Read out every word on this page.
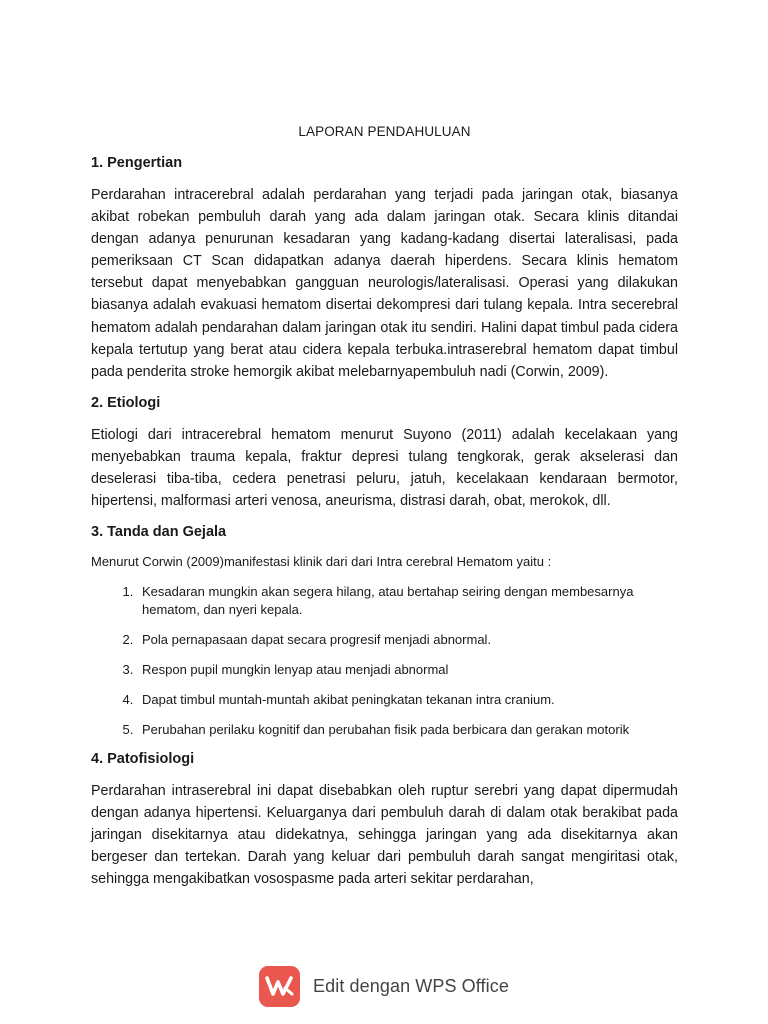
LAPORAN PENDAHULUAN
1. Pengertian

Perdarahan intracerebral adalah perdarahan yang terjadi pada jaringan otak, biasanya akibat robekan pembuluh darah yang ada dalam jaringan otak. Secara klinis ditandai dengan adanya penurunan kesadaran yang kadang-kadang disertai lateralisasi, pada pemeriksaan CT Scan didapatkan adanya daerah hiperdens. Secara klinis hematom tersebut dapat menyebabkan gangguan neurologis/lateralisasi. Operasi yang dilakukan biasanya adalah evakuasi hematom disertai dekompresi dari tulang kepala. Intra secerebral hematom adalah pendarahan dalam jaringan otak itu sendiri. Halini dapat timbul pada cidera kepala tertutup yang berat atau cidera kepala terbuka.intraserebral hematom dapat timbul pada penderita stroke hemorgik akibat melebarnyapembuluh nadi (Corwin, 2009).

2. Etiologi

Etiologi dari intracerebral hematom menurut Suyono (2011) adalah kecelakaan yang menyebabkan trauma kepala, fraktur depresi tulang tengkorak, gerak akselerasi dan deselerasi tiba-tiba, cedera penetrasi peluru, jatuh, kecelakaan kendaraan bermotor, hipertensi, malformasi arteri venosa, aneurisma, distrasi darah, obat, merokok, dll.

3. Tanda dan Gejala

Menurut Corwin (2009)manifestasi klinik dari dari Intra cerebral Hematom yaitu :

1. Kesadaran mungkin akan segera hilang, atau bertahap seiring dengan membesarnya hematom, dan nyeri kepala.
2. Pola pernapasaan dapat secara progresif menjadi abnormal.
3. Respon pupil mungkin lenyap atau menjadi abnormal
4. Dapat timbul muntah-muntah akibat peningkatan tekanan intra cranium.
5. Perubahan perilaku kognitif dan perubahan fisik pada berbicara dan gerakan motorik
4. Patofisiologi

Perdarahan intraserebral ini dapat disebabkan oleh ruptur serebri yang dapat dipermudah dengan adanya hipertensi. Keluarganya dari pembuluh darah di dalam otak berakibat pada jaringan disekitarnya atau didekatnya, sehingga jaringan yang ada disekitarnya akan bergeser dan tertekan. Darah yang keluar dari pembuluh darah sangat mengiritasi otak, sehingga mengakibatkan vosospasme pada arteri sekitar perdarahan,

Edit dengan WPS Office
